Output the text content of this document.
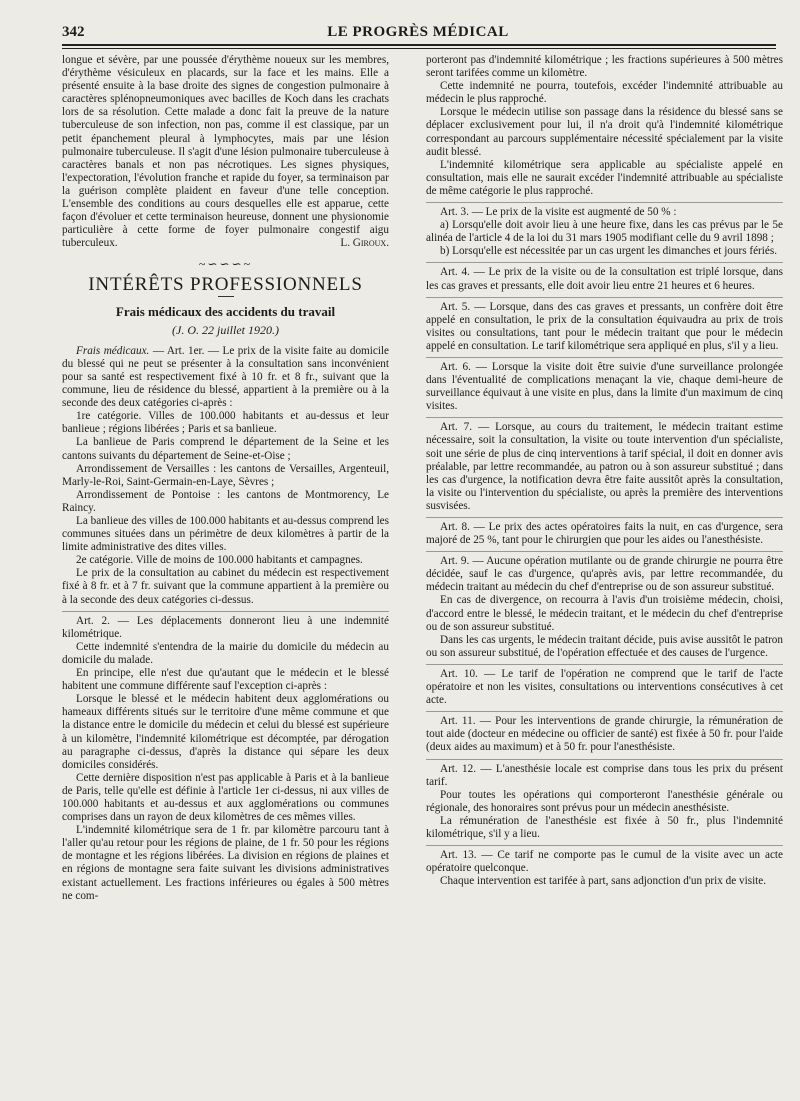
342	LE PROGRÈS MÉDICAL

longue et sévère, par une poussée d'érythème noueux sur les membres, d'érythème vésiculeux en placards, sur la face et les mains. Elle a présenté ensuite à la base droite des signes de congestion pulmonaire à caractères splénopneumoniques avec bacilles de Koch dans les crachats lors de sa résolution. Cette malade a donc fait la preuve de la nature tuberculeuse de son infection, non pas, comme il est classique, par un petit épanchement pleural à lymphocytes, mais par une lésion pulmonaire tuberculeuse. Il s'agit d'une lésion pulmonaire tuberculeuse à caractères banals et non pas nécrotiques. Les signes physiques, l'expectoration, l'évolution franche et rapide du foyer, sa terminaison par la guérison complète plaident en faveur d'une telle conception. L'ensemble des conditions au cours desquelles elle est apparue, cette façon d'évoluer et cette terminaison heureuse, donnent une physionomie particulière à cette forme de foyer pulmonaire congestif aigu tuberculeux.	L. Giroux.

~∽∽∽~
INTÉRÊTS PROFESSIONNELS
Frais médicaux des accidents du travail
(J. O. 22 juillet 1920.)

Frais médicaux. — Art. 1er. — Le prix de la visite faite au domicile du blessé qui ne peut se présenter à la consultation sans inconvénient pour sa santé est respectivement fixé à 10 fr. et 8 fr., suivant que la commune, lieu de résidence du blessé, appartient à la première ou à la seconde des deux catégories ci-après :

1re catégorie. Villes de 100.000 habitants et au-dessus et leur banlieue ; régions libérées ; Paris et sa banlieue.

La banlieue de Paris comprend le département de la Seine et les cantons suivants du département de Seine-et-Oise ;

Arrondissement de Versailles : les cantons de Versailles, Argenteuil, Marly-le-Roi, Saint-Germain-en-Laye, Sèvres ;

Arrondissement de Pontoise : les cantons de Montmorency, Le Raincy.

La banlieue des villes de 100.000 habitants et au-dessus comprend les communes situées dans un périmètre de deux kilomètres à partir de la limite administrative des dites villes.

2e catégorie. Ville de moins de 100.000 habitants et campagnes.

Le prix de la consultation au cabinet du médecin est respectivement fixé à 8 fr. et à 7 fr. suivant que la commune appartient à la première ou à la seconde des deux catégories ci-dessus.

Art. 2. — Les déplacements donneront lieu à une indemnité kilométrique.

Cette indemnité s'entendra de la mairie du domicile du médecin au domicile du malade.

En principe, elle n'est due qu'autant que le médecin et le blessé habitent une commune différente sauf l'exception ci-après :

Lorsque le blessé et le médecin habitent deux agglomérations ou hameaux différents situés sur le territoire d'une même commune et que la distance entre le domicile du médecin et celui du blessé est supérieure à un kilomètre, l'indemnité kilométrique est décomptée, par dérogation au paragraphe ci-dessus, d'après la distance qui sépare les deux domiciles considérés.

Cette dernière disposition n'est pas applicable à Paris et à la banlieue de Paris, telle qu'elle est définie à l'article 1er ci-dessus, ni aux villes de 100.000 habitants et au-dessus et aux agglomérations ou communes comprises dans un rayon de deux kilomètres de ces mêmes villes.

L'indemnité kilométrique sera de 1 fr. par kilomètre parcouru tant à l'aller qu'au retour pour les régions de plaine, de 1 fr. 50 pour les régions de montagne et les régions libérées. La division en régions de plaines et en régions de montagne sera faite suivant les divisions administratives existant actuellement. Les fractions inférieures ou égales à 500 mètres ne com-

porteront pas d'indemnité kilométrique ; les fractions supérieures à 500 mètres seront tarifées comme un kilomètre.

Cette indemnité ne pourra, toutefois, excéder l'indemnité attribuable au médecin le plus rapproché.

Lorsque le médecin utilise son passage dans la résidence du blessé sans se déplacer exclusivement pour lui, il n'a droit qu'à l'indemnité kilométrique correspondant au parcours supplémentaire nécessité spécialement par la visite audit blessé.

L'indemnité kilométrique sera applicable au spécialiste appelé en consultation, mais elle ne saurait excéder l'indemnité attribuable au spécialiste de même catégorie le plus rapproché.

Art. 3. — Le prix de la visite est augmenté de 50 % :

a) Lorsqu'elle doit avoir lieu à une heure fixe, dans les cas prévus par le 5e alinéa de l'article 4 de la loi du 31 mars 1905 modifiant celle du 9 avril 1898 ;

b) Lorsqu'elle est nécessitée par un cas urgent les dimanches et jours fériés.

Art. 4. — Le prix de la visite ou de la consultation est triplé lorsque, dans les cas graves et pressants, elle doit avoir lieu entre 21 heures et 6 heures.

Art. 5. — Lorsque, dans des cas graves et pressants, un confrère doit être appelé en consultation, le prix de la consultation équivaudra au prix de trois visites ou consultations, tant pour le médecin traitant que pour le médecin appelé en consultation. Le tarif kilométrique sera appliqué en plus, s'il y a lieu.

Art. 6. — Lorsque la visite doit être suivie d'une surveillance prolongée dans l'éventualité de complications menaçant la vie, chaque demi-heure de surveillance équivaut à une visite en plus, dans la limite d'un maximum de cinq visites.

Art. 7. — Lorsque, au cours du traitement, le médecin traitant estime nécessaire, soit la consultation, la visite ou toute intervention d'un spécialiste, soit une série de plus de cinq interventions à tarif spécial, il doit en donner avis préalable, par lettre recommandée, au patron ou à son assureur substitué ; dans les cas d'urgence, la notification devra être faite aussitôt après la consultation, la visite ou l'intervention du spécialiste, ou après la première des interventions susvisées.

Art. 8. — Le prix des actes opératoires faits la nuit, en cas d'urgence, sera majoré de 25 %, tant pour le chirurgien que pour les aides ou l'anesthésiste.

Art. 9. — Aucune opération mutilante ou de grande chirurgie ne pourra être décidée, sauf le cas d'urgence, qu'après avis, par lettre recommandée, du médecin traitant au médecin du chef d'entreprise ou de son assureur substitué.

En cas de divergence, on recourra à l'avis d'un troisième médecin, choisi, d'accord entre le blessé, le médecin traitant, et le médecin du chef d'entreprise ou de son assureur substitué.

Dans les cas urgents, le médecin traitant décide, puis avise aussitôt le patron ou son assureur substitué, de l'opération effectuée et des causes de l'urgence.

Art. 10. — Le tarif de l'opération ne comprend que le tarif de l'acte opératoire et non les visites, consultations ou interventions consécutives à cet acte.

Art. 11. — Pour les interventions de grande chirurgie, la rémunération de tout aide (docteur en médecine ou officier de santé) est fixée à 50 fr. pour l'aide (deux aides au maximum) et à 50 fr. pour l'anesthésiste.

Art. 12. — L'anesthésie locale est comprise dans tous les prix du présent tarif.

Pour toutes les opérations qui comporteront l'anesthésie générale ou régionale, des honoraires sont prévus pour un médecin anesthésiste.

La rémunération de l'anesthésie est fixée à 50 fr., plus l'indemnité kilométrique, s'il y a lieu.

Art. 13. — Ce tarif ne comporte pas le cumul de la visite avec un acte opératoire quelconque.

Chaque intervention est tarifée à part, sans adjonction d'un prix de visite.
